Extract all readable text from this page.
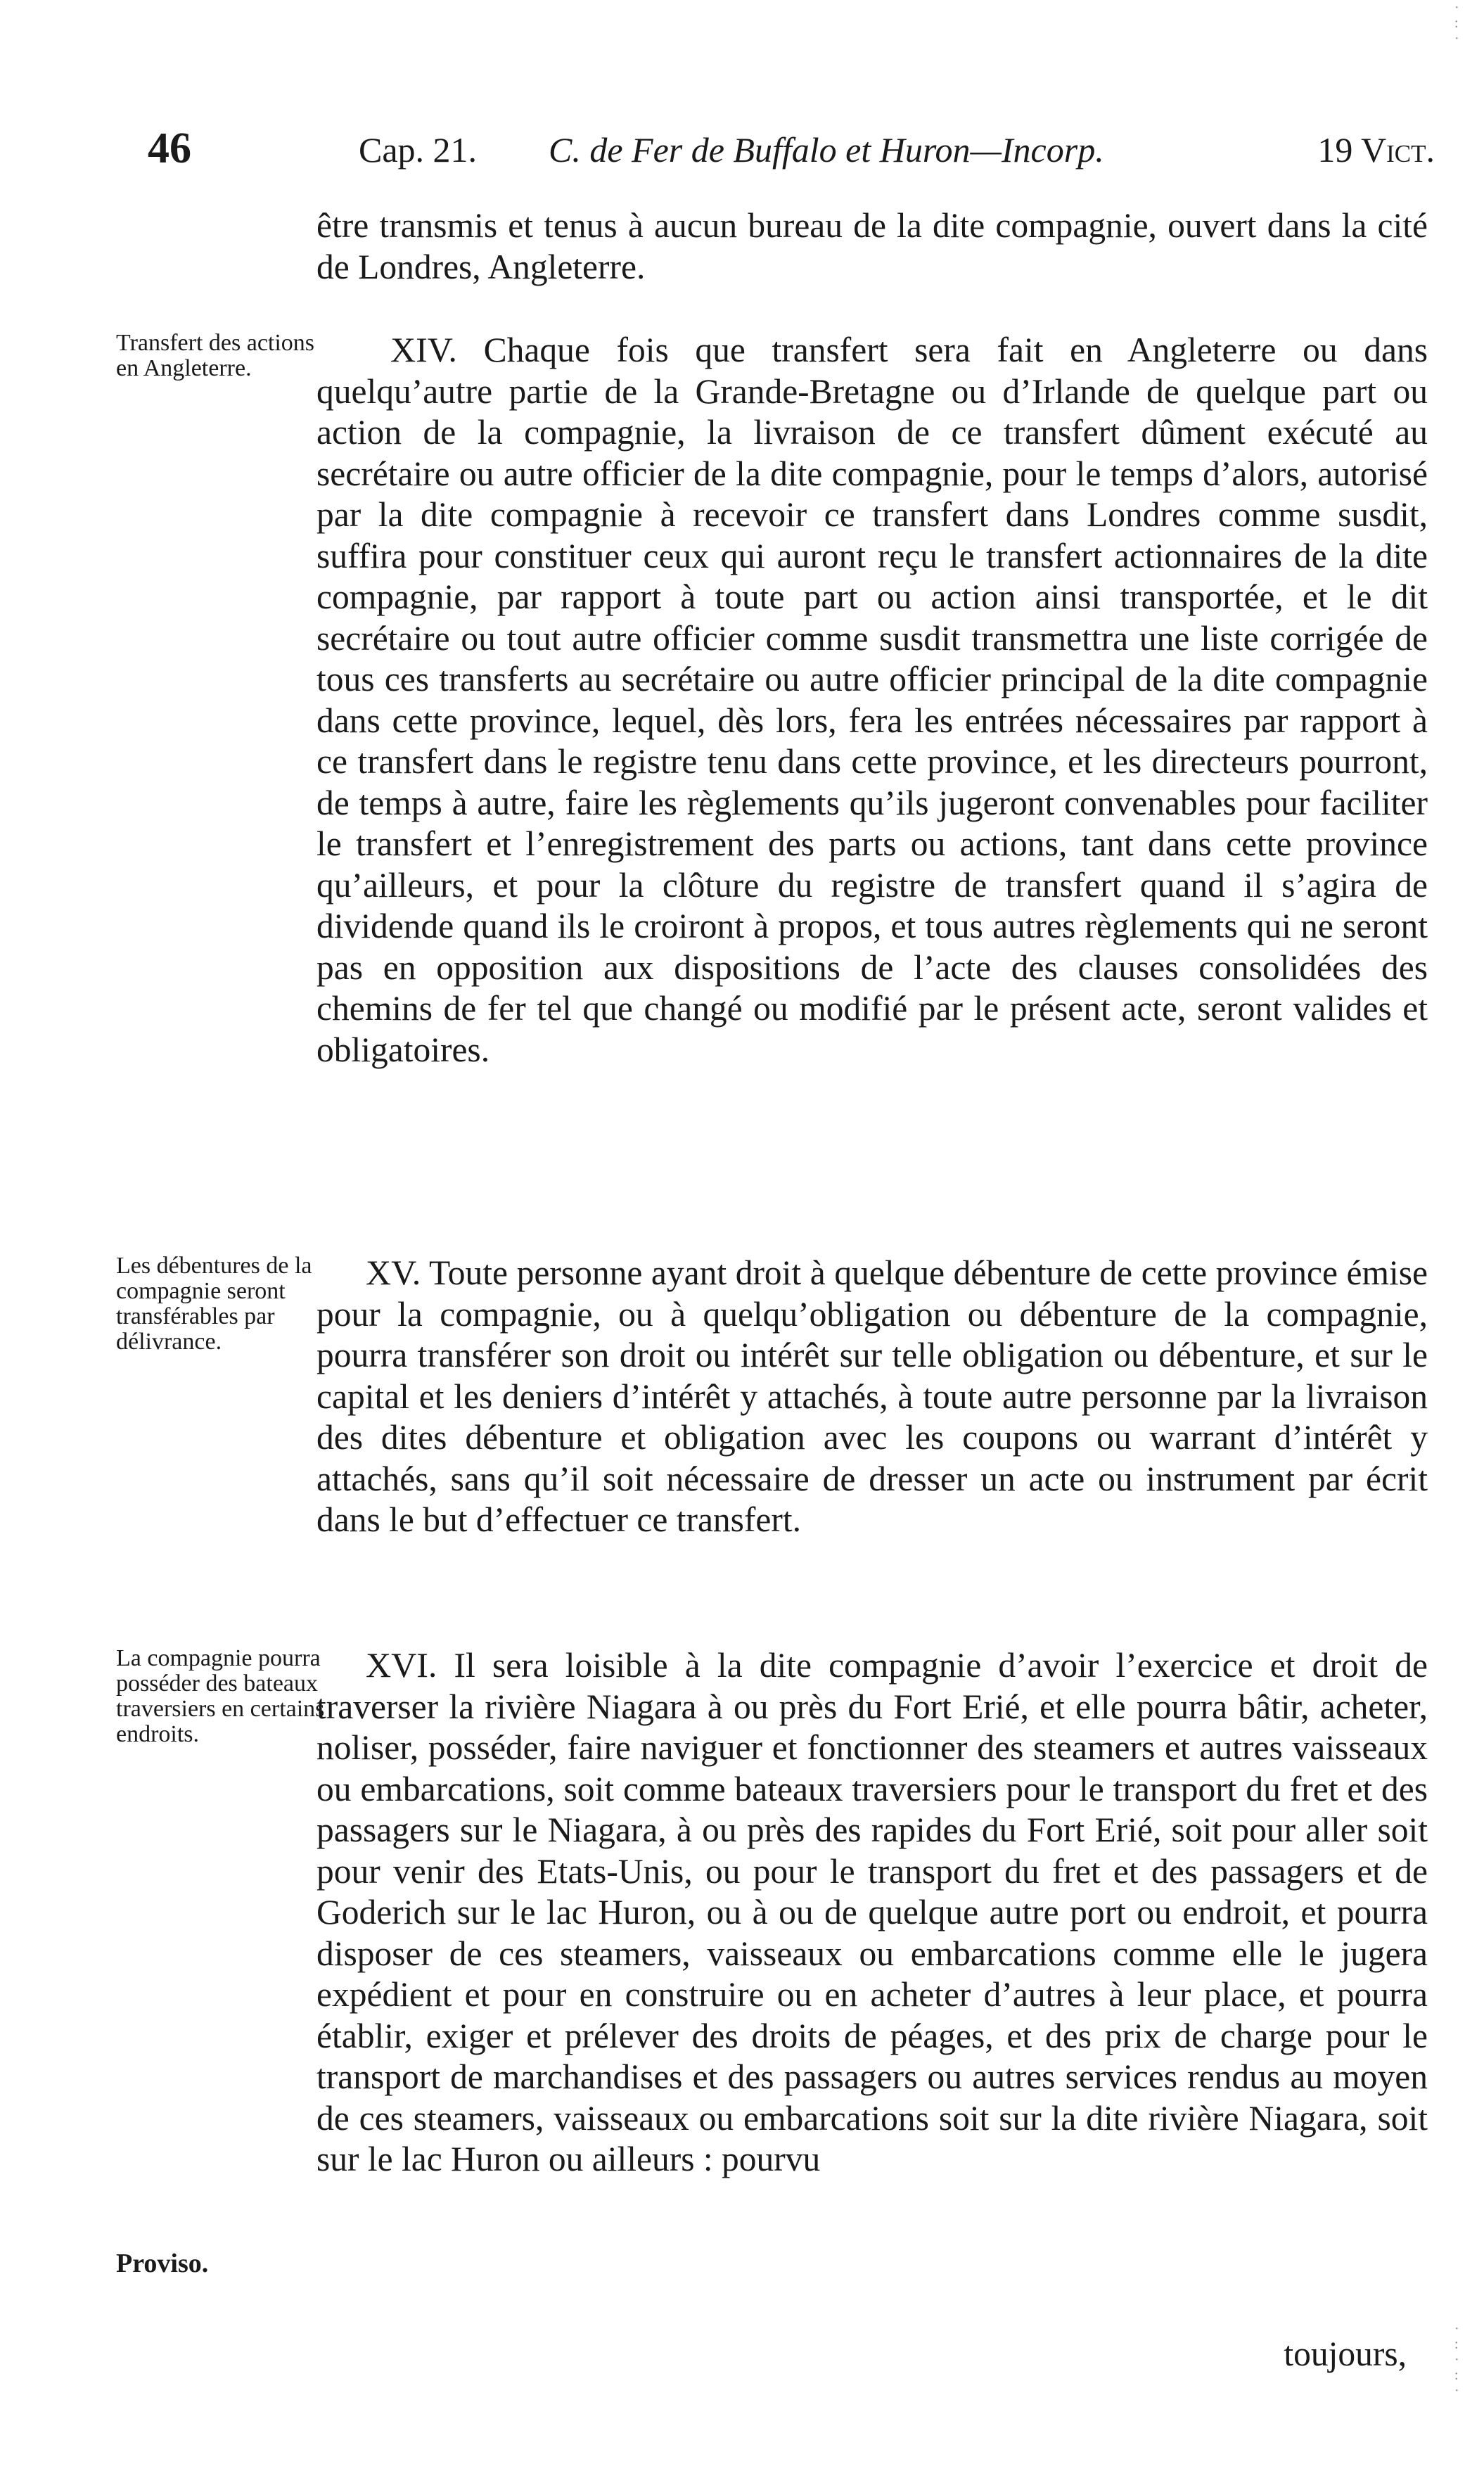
46	Cap. 21. C. de Fer de Buffalo et Huron—Incorp.	19 Vict.
être transmis et tenus à aucun bureau de la dite compagnie, ouvert dans la cité de Londres, Angleterre.
Transfert des actions en Angleterre.	XIV. Chaque fois que transfert sera fait en Angleterre ou dans quelqu’autre partie de la Grande-Bretagne ou d’Irlande de quelque part ou action de la compagnie, la livraison de ce transfert dûment exécuté au secrétaire ou autre officier de la dite compagnie, pour le temps d’alors, autorisé par la dite compagnie à recevoir ce transfert dans Londres comme susdit, suffira pour constituer ceux qui auront reçu le transfert actionnaires de la dite compagnie, par rapport à toute part ou action ainsi transportée, et le dit secrétaire ou tout autre officier comme susdit transmettra une liste corrigée de tous ces transferts au secrétaire ou autre officier principal de la dite compagnie dans cette province, lequel, dès lors, fera les entrées nécessaires par rapport à ce transfert dans le registre tenu dans cette province, et les directeurs pourront, de temps à autre, faire les règlements qu’ils jugeront convenables pour faciliter le transfert et l’enregistrement des parts ou actions, tant dans cette province qu’ailleurs, et pour la clôture du registre de transfert quand il s’agira de dividende quand ils le croiront à propos, et tous autres règlements qui ne seront pas en opposition aux dispositions de l’acte des clauses consolidées des chemins de fer tel que changé ou modifié par le présent acte, seront valides et obligatoires.
Les débentures de la compagnie seront transférables par délivrance.
XV. Toute personne ayant droit à quelque débenture de cette province émise pour la compagnie, ou à quelqu’obligation ou débenture de la compagnie, pourra transférer son droit ou intérêt sur telle obligation ou débenture, et sur le capital et les deniers d’intérêt y attachés, à toute autre personne par la livraison des dites débenture et obligation avec les coupons ou warrant d’intérêt y attachés, sans qu’il soit nécessaire de dresser un acte ou instrument par écrit dans le but d’effectuer ce transfert.
La compagnie pourra posséder des bateaux traversiers en certains endroits.
XVI. Il sera loisible à la dite compagnie d’avoir l’exercice et droit de traverser la rivière Niagara à ou près du Fort Erié, et elle pourra bâtir, acheter, noliser, posséder, faire naviguer et fonctionner des steamers et autres vaisseaux ou embarcations, soit comme bateaux traversiers pour le transport du fret et des passagers sur le Niagara, à ou près des rapides du Fort Erié, soit pour aller soit pour venir des Etats-Unis, ou pour le transport du fret et des passagers et de Goderich sur le lac Huron, ou à ou de quelque autre port ou endroit, et pourra disposer de ces steamers, vaisseaux ou embarcations comme elle le jugera expédient et pour en construire ou en acheter d’autres à leur place, et pourra établir, exiger et prélever des droits de péages, et des prix de charge pour le transport de marchandises et des passagers ou autres services rendus au moyen de ces steamers, vaisseaux ou embarcations soit sur la dite rivière Niagara, soit sur le lac Huron ou ailleurs : pourvu
Proviso.
toujours,
·
:
·
·
:
·
:
·
